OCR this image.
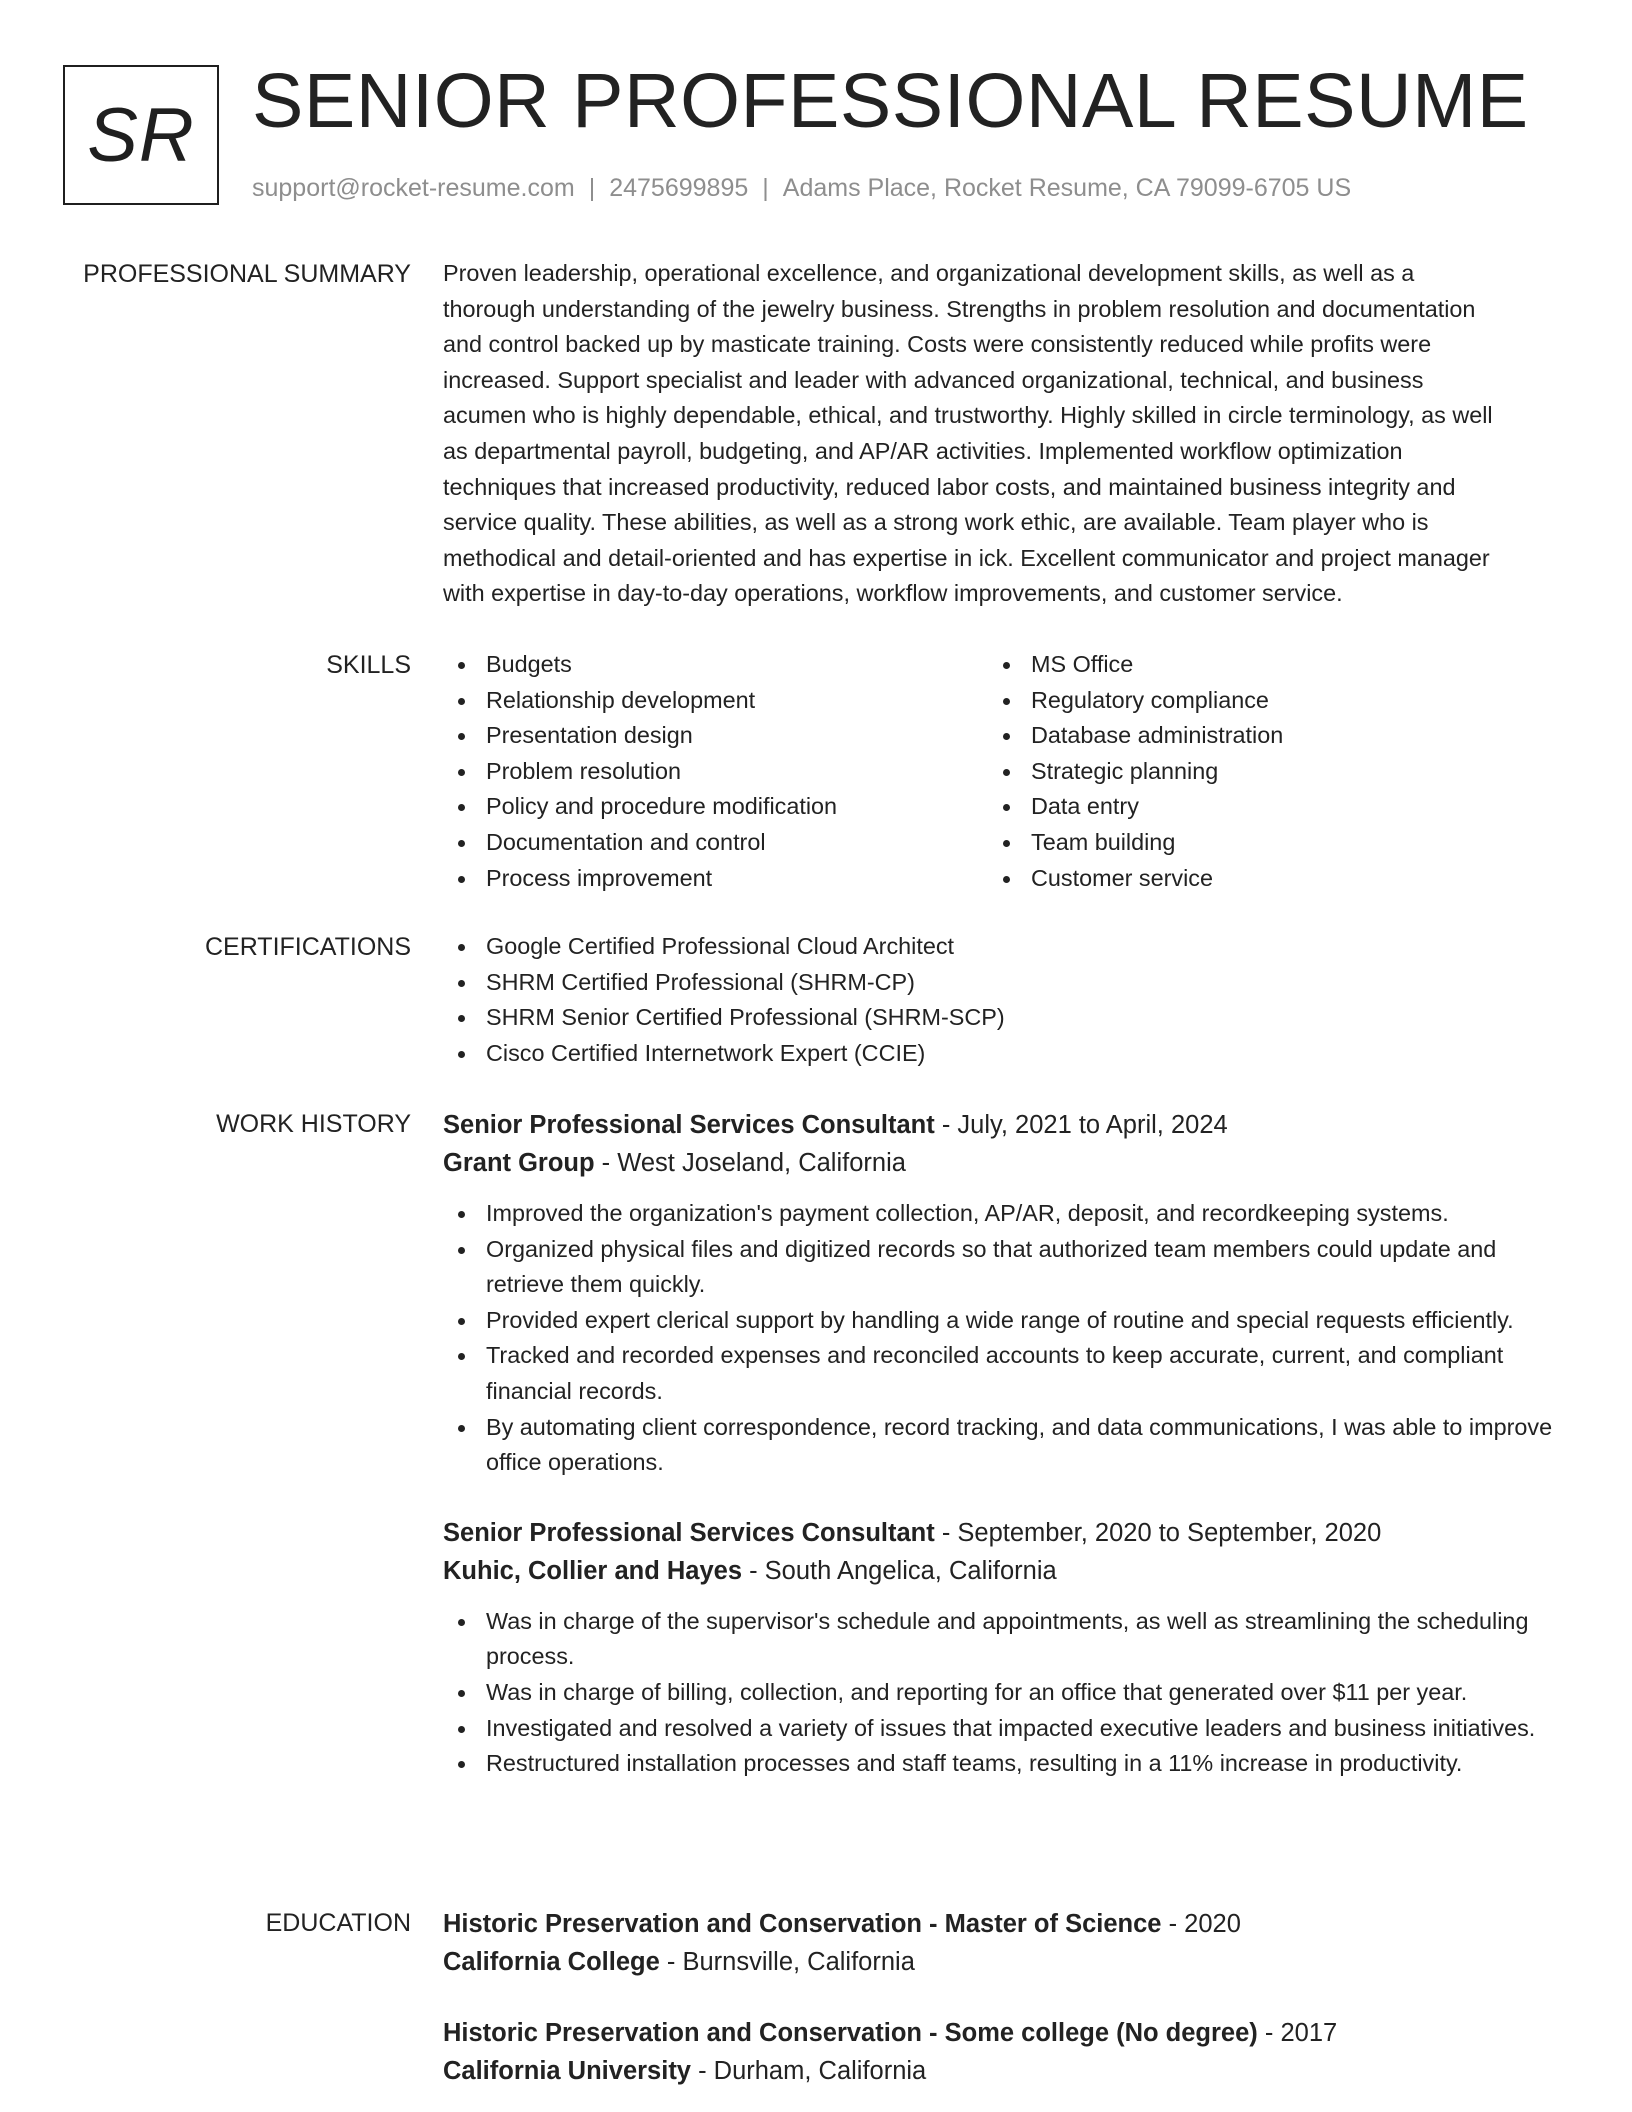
SR SENIOR PROFESSIONAL RESUME
support@rocket-resume.com | 2475699895 | Adams Place, Rocket Resume, CA 79099-6705 US
PROFESSIONAL SUMMARY Proven leadership, operational excellence, and organizational development skills, as well as a
thorough understanding of the jewelry business. Strengths in problem resolution and documentation
and control backed up by masticate training. Costs were consistently reduced while profits were
increased. Support specialist and leader with advanced organizational, technical, and business
acumen who is highly dependable, ethical, and trustworthy. Highly skilled in circle terminology, as well
as departmental payroll, budgeting, and AP/AR activities. Implemented workflow optimization
techniques that increased productivity, reduced labor costs, and maintained business integrity and
service quality. These abilities, as well as a strong work ethic, are available. Team player who is
methodical and detail-oriented and has expertise in ick. Excellent communicator and project manager
with expertise in day-to-day operations, workflow improvements, and customer service.
SKILLS	Budgets
Relationship development
Presentation design
Problem resolution
Policy and procedure modification
Documentation and control
Process improvement
MS Office
Regulatory compliance
Database administration
Strategic planning
Data entry
Team building
Customer service
CERTIFICATIONS	Google Certified Professional Cloud Architect
SHRM Certified Professional (SHRM-CP)
SHRM Senior Certified Professional (SHRM-SCP)
Cisco Certified Internetwork Expert (CCIE)
WORK HISTORY Senior Professional Services Consultant - July, 2021 to April, 2024
Grant Group - West Joseland, California
Improved the organization's payment collection, AP/AR, deposit, and recordkeeping systems.
Organized physical files and digitized records so that authorized team members could update and retrieve them quickly.
Provided expert clerical support by handling a wide range of routine and special requests efficiently.
Tracked and recorded expenses and reconciled accounts to keep accurate, current, and compliant financial records.
By automating client correspondence, record tracking, and data communications, I was able to improve office operations.
Senior Professional Services Consultant - September, 2020 to September, 2020
Kuhic, Collier and Hayes - South Angelica, California
Was in charge of the supervisor's schedule and appointments, as well as streamlining the scheduling process.
Was in charge of billing, collection, and reporting for an office that generated over $11 per year.
Investigated and resolved a variety of issues that impacted executive leaders and business initiatives.
Restructured installation processes and staff teams, resulting in a 11% increase in productivity.
EDUCATION Historic Preservation and Conservation - Master of Science - 2020
California College - Burnsville, California
Historic Preservation and Conservation - Some college (No degree) - 2017
California University - Durham, California
